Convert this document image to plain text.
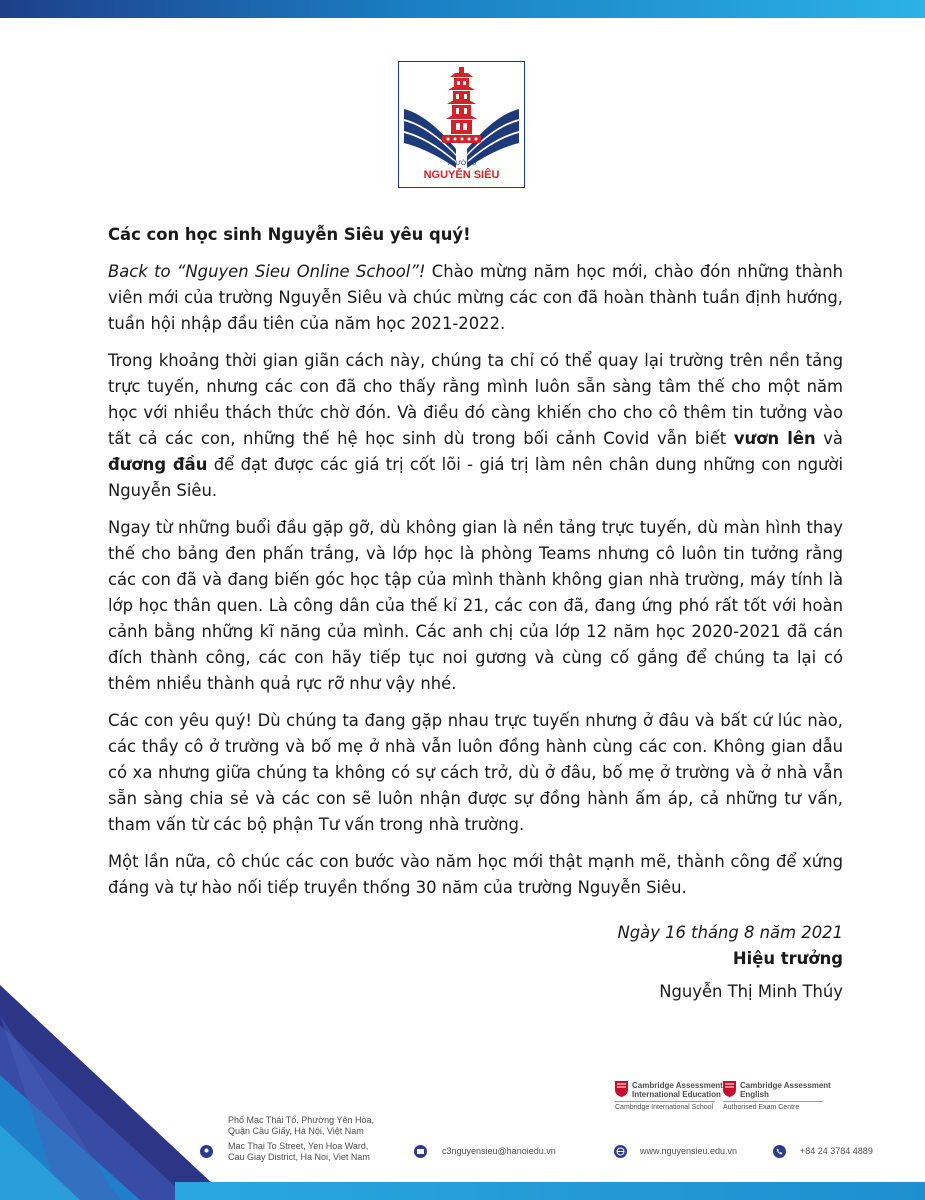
TRƯỜNG
NGUYỄN SIÊU

Các con học sinh Nguyễn Siêu yêu quý!

Back to “Nguyen Sieu Online School”! Chào mừng năm học mới, chào đón những thành viên mới của trường Nguyễn Siêu và chúc mừng các con đã hoàn thành tuần định hướng, tuần hội nhập đầu tiên của năm học 2021-2022.

Trong khoảng thời gian giãn cách này, chúng ta chỉ có thể quay lại trường trên nền tảng trực tuyến, nhưng các con đã cho thấy rằng mình luôn sẵn sàng tâm thế cho một năm học với nhiều thách thức chờ đón. Và điều đó càng khiến cho cho cô thêm tin tưởng vào tất cả các con, những thế hệ học sinh dù trong bối cảnh Covid vẫn biết vươn lên và đương đầu để đạt được các giá trị cốt lõi - giá trị làm nên chân dung những con người Nguyễn Siêu.

Ngay từ những buổi đầu gặp gỡ, dù không gian là nền tảng trực tuyến, dù màn hình thay thế cho bảng đen phấn trắng, và lớp học là phòng Teams nhưng cô luôn tin tưởng rằng các con đã và đang biến góc học tập của mình thành không gian nhà trường, máy tính là lớp học thân quen. Là công dân của thế kỉ 21, các con đã, đang ứng phó rất tốt với hoàn cảnh bằng những kĩ năng của mình. Các anh chị của lớp 12 năm học 2020-2021 đã cán đích thành công, các con hãy tiếp tục noi gương và cùng cố gắng để chúng ta lại có thêm nhiều thành quả rực rỡ như vậy nhé.

Các con yêu quý! Dù chúng ta đang gặp nhau trực tuyến nhưng ở đâu và bất cứ lúc nào, các thầy cô ở trường và bố mẹ ở nhà vẫn luôn đồng hành cùng các con. Không gian dẫu có xa nhưng giữa chúng ta không có sự cách trở, dù ở đâu, bố mẹ ở trường và ở nhà vẫn sẵn sàng chia sẻ và các con sẽ luôn nhận được sự đồng hành ấm áp, cả những tư vấn, tham vấn từ các bộ phận Tư vấn trong nhà trường.

Một lần nữa, cô chúc các con bước vào năm học mới thật mạnh mẽ, thành công để xứng đáng và tự hào nối tiếp truyền thống 30 năm của trường Nguyễn Siêu.

Ngày 16 tháng 8 năm 2021

Hiệu trưởng

Nguyễn Thị Minh Thúy

Cambridge Assessment
International Education
Cambridge International School
Cambridge Assessment
English
Authorised Exam Centre
Phố Mạc Thái Tổ, Phường Yên Hòa,
Quận Cầu Giấy, Hà Nội, Việt Nam
Mac Thai To Street, Yen Hoa Ward,
Cau Giay District, Ha Noi, Viet Nam
c3nguyensieu@hanoiedu.vn	www.nguyensieu.edu.vn	+84 24 3784 4889
